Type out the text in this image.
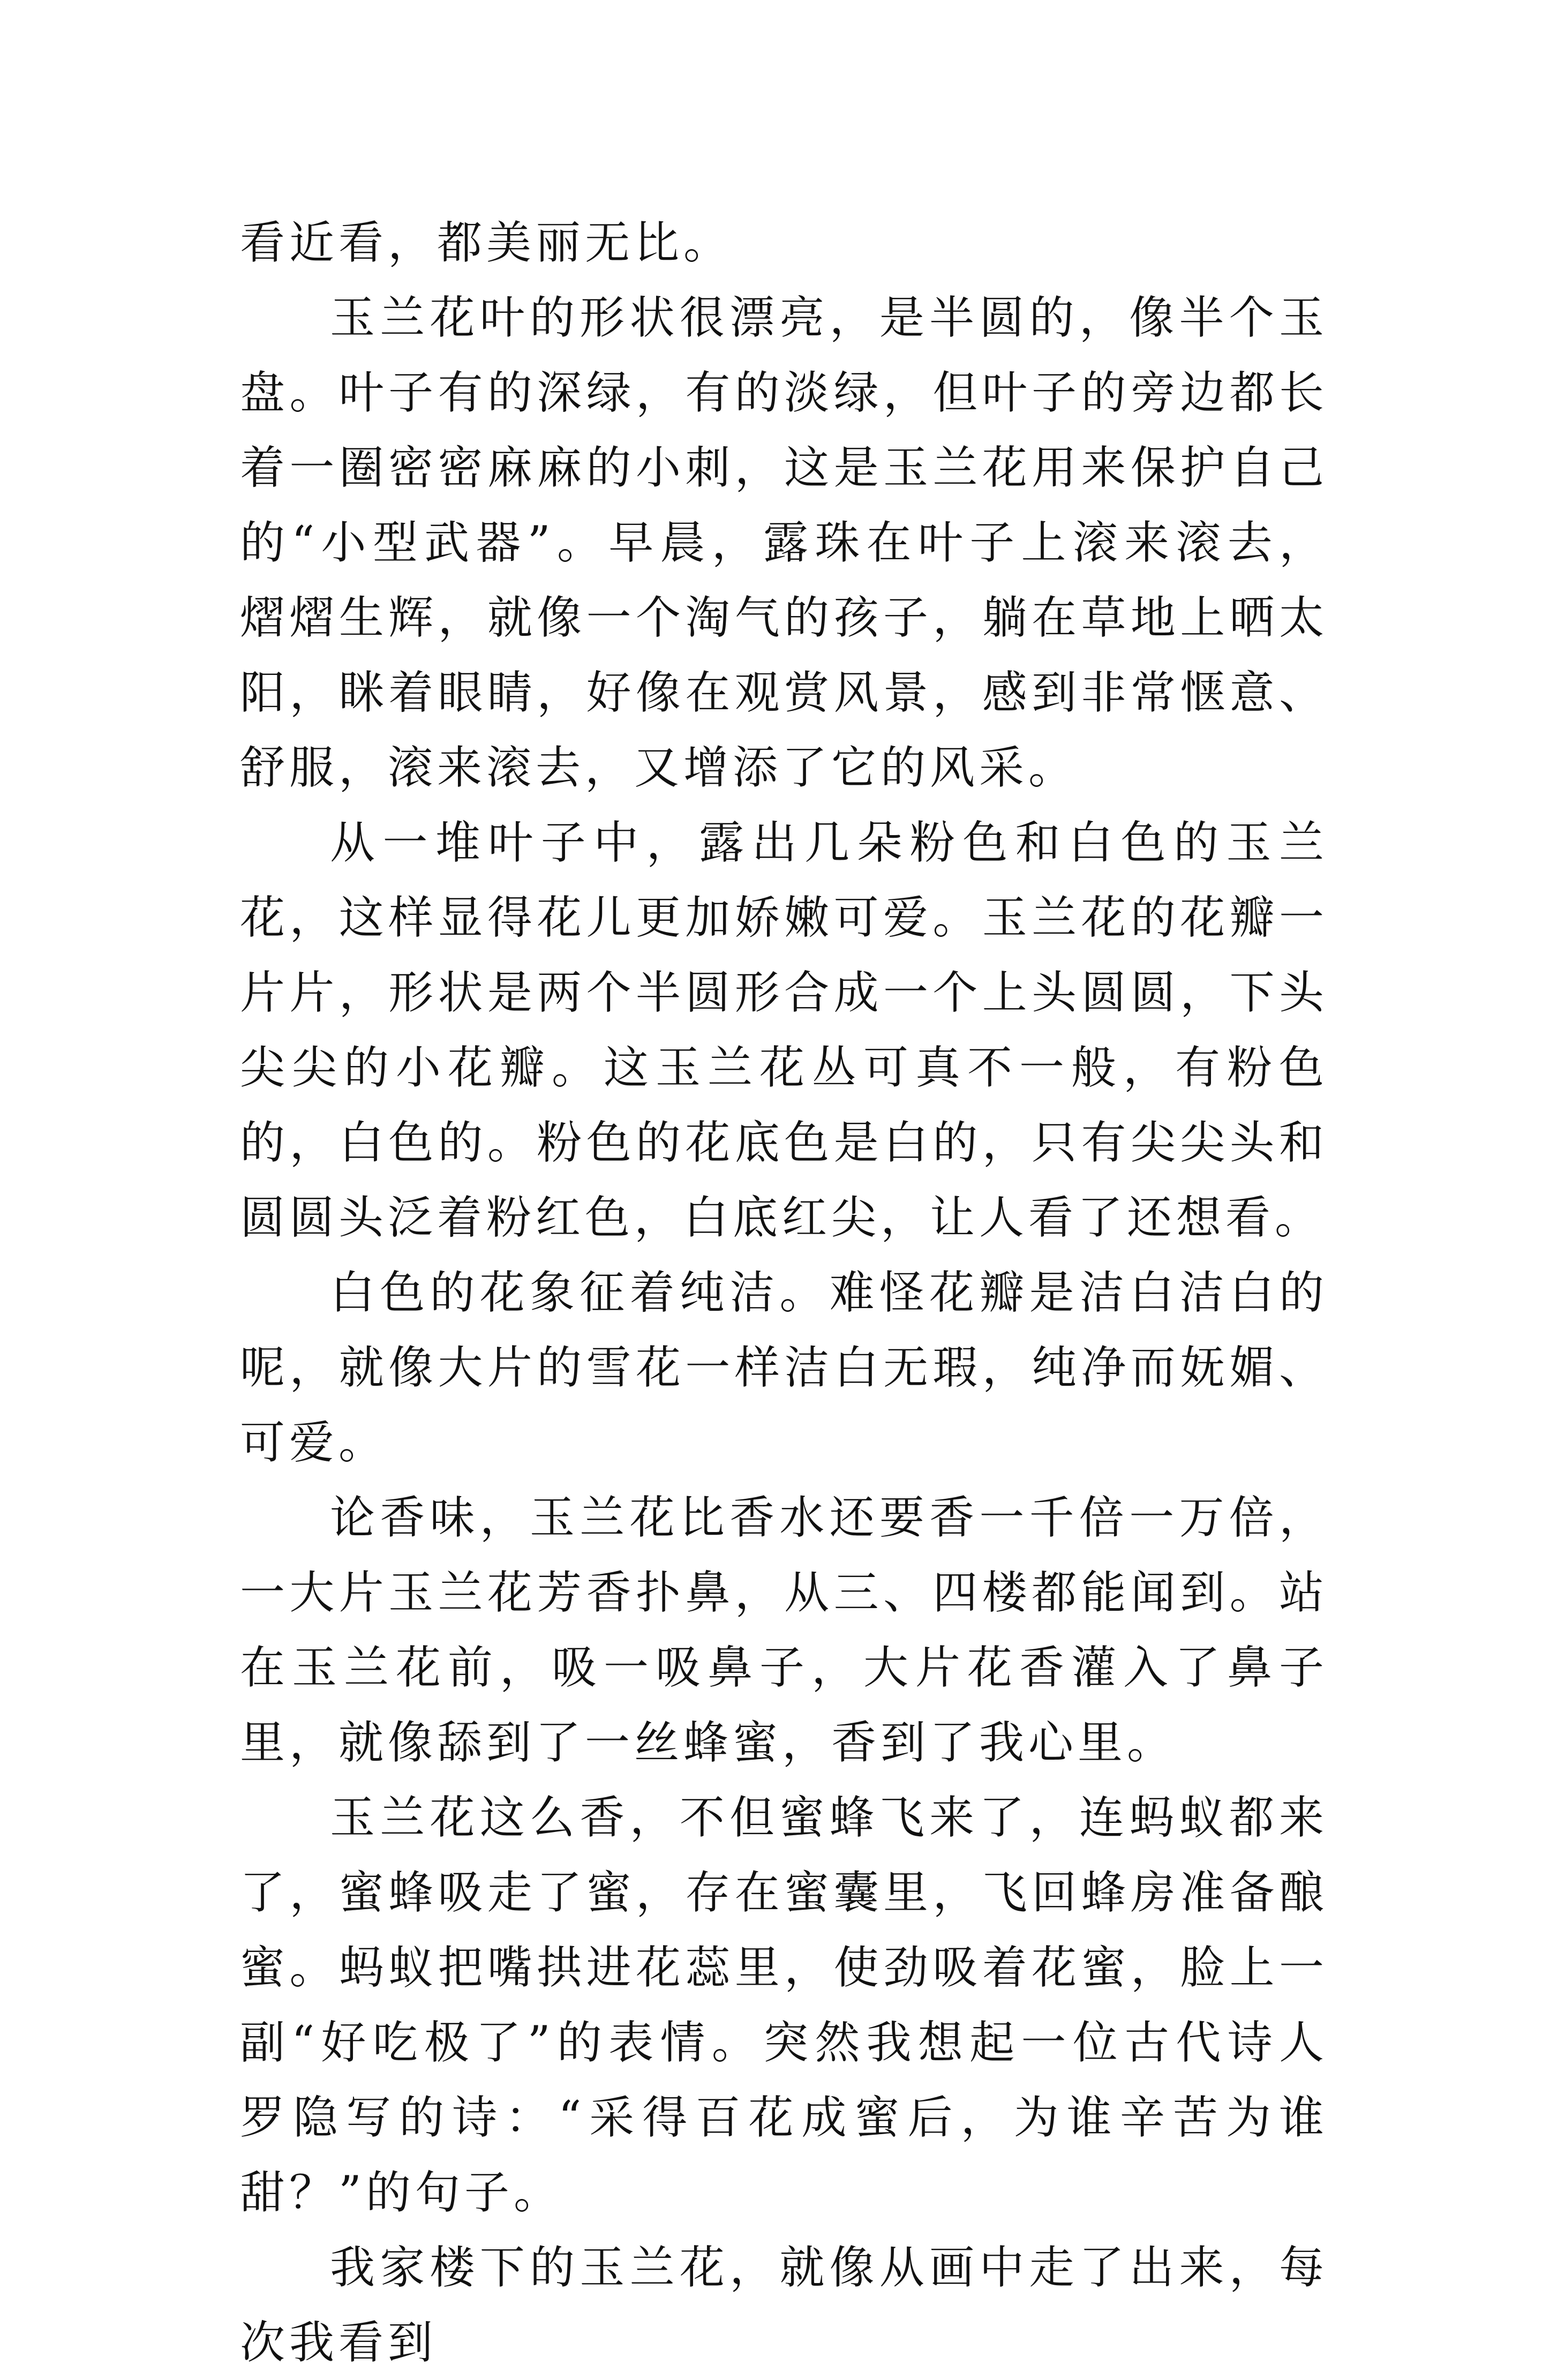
看近看，都美丽无比。

玉兰花叶的形状很漂亮，是半圆的，像半个玉盘。叶子有的深绿，有的淡绿，但叶子的旁边都长着一圈密密麻麻的小刺，这是玉兰花用来保护自己的“小型武器”。早晨，露珠在叶子上滚来滚去，熠熠生辉，就像一个淘气的孩子，躺在草地上晒太阳，眯着眼睛，好像在观赏风景，感到非常惬意、舒服，滚来滚去，又增添了它的风采。

从一堆叶子中，露出几朵粉色和白色的玉兰花，这样显得花儿更加娇嫩可爱。玉兰花的花瓣一片片，形状是两个半圆形合成一个上头圆圆，下头尖尖的小花瓣。这玉兰花丛可真不一般，有粉色的，白色的。粉色的花底色是白的，只有尖尖头和圆圆头泛着粉红色，白底红尖，让人看了还想看。

白色的花象征着纯洁。难怪花瓣是洁白洁白的呢，就像大片的雪花一样洁白无瑕，纯净而妩媚、可爱。

论香味，玉兰花比香水还要香一千倍一万倍，一大片玉兰花芳香扑鼻，从三、四楼都能闻到。站在玉兰花前，吸一吸鼻子，大片花香灌入了鼻子里，就像舔到了一丝蜂蜜，香到了我心里。

玉兰花这么香，不但蜜蜂飞来了，连蚂蚁都来了，蜜蜂吸走了蜜，存在蜜囊里，飞回蜂房准备酿蜜。蚂蚁把嘴拱进花蕊里，使劲吸着花蜜，脸上一副“好吃极了”的表情。突然我想起一位古代诗人罗隐写的诗：“采得百花成蜜后，为谁辛苦为谁甜？”的句子。

我家楼下的玉兰花，就像从画中走了出来，每次我看到
